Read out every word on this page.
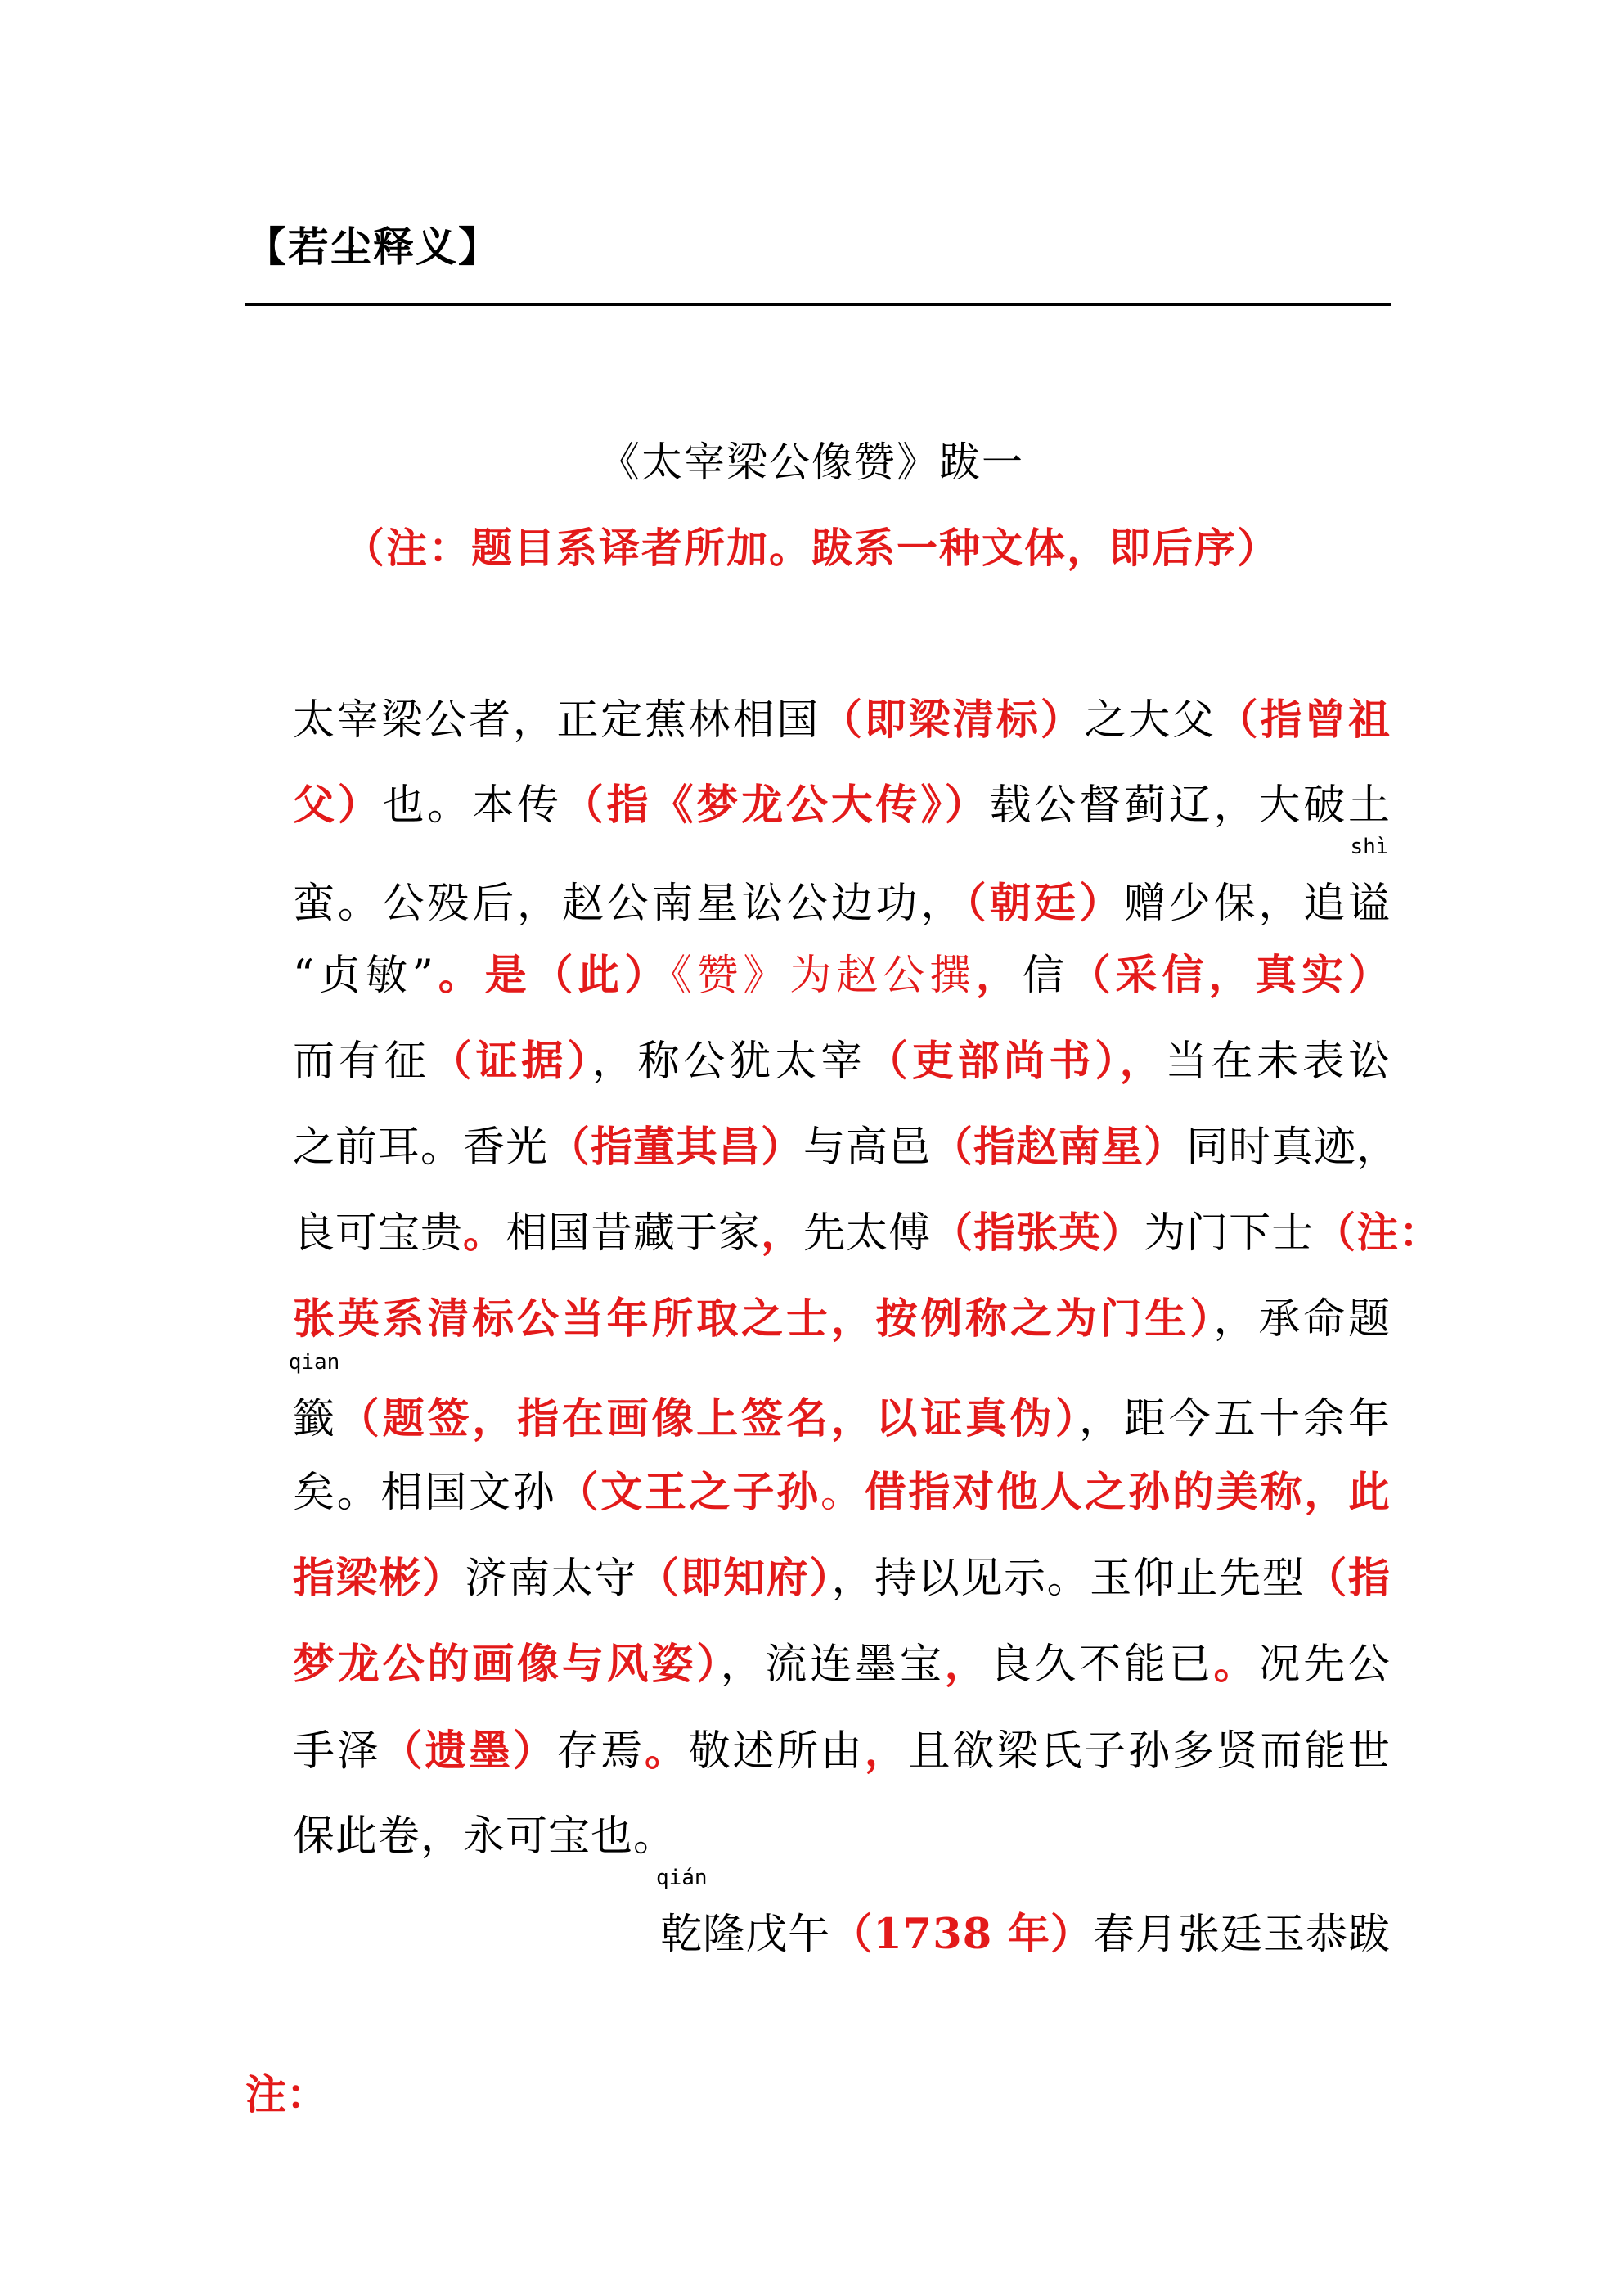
【若尘释义】
《太宰梁公像赞》跋一
（注：题目系译者所加。跋系一种文体，即后序）
太宰梁公者，正定蕉林相国（即梁清标）之大父（指曾祖
父）也。本传（指《梦龙公大传》）载公督蓟辽，大破土
蛮。公殁后，赵公南星讼公边功，（朝廷）赠少保，追
shì
谥
“贞敏”。是（此）《赞》为赵公撰，信（采信，真实）
而有征（证据），称公犹太宰（吏部尚书），当在未表讼
之前耳。香光（指董其昌）与高邑（指赵南星）同时真迹，
良可宝贵。相国昔藏于家，先太傅（指张英）为门下士（注：
张英系清标公当年所取之士，按例称之为门生），承命题
qian
籤（题签，指在画像上签名，以证真伪），距今五十余年
矣。相国文孙（文王之子孙。借指对他人之孙的美称，此
指梁彬）济南太守（即知府），持以见示。玉仰止先型（指
梦龙公的画像与风姿），流连墨宝，良久不能已。况先公
手泽（遗墨）存焉。敬述所由，且欲梁氏子孙多贤而能世
保此卷，永可宝也。
qián
乾隆戊午（1738 年）春月张廷玉恭跋
注：
